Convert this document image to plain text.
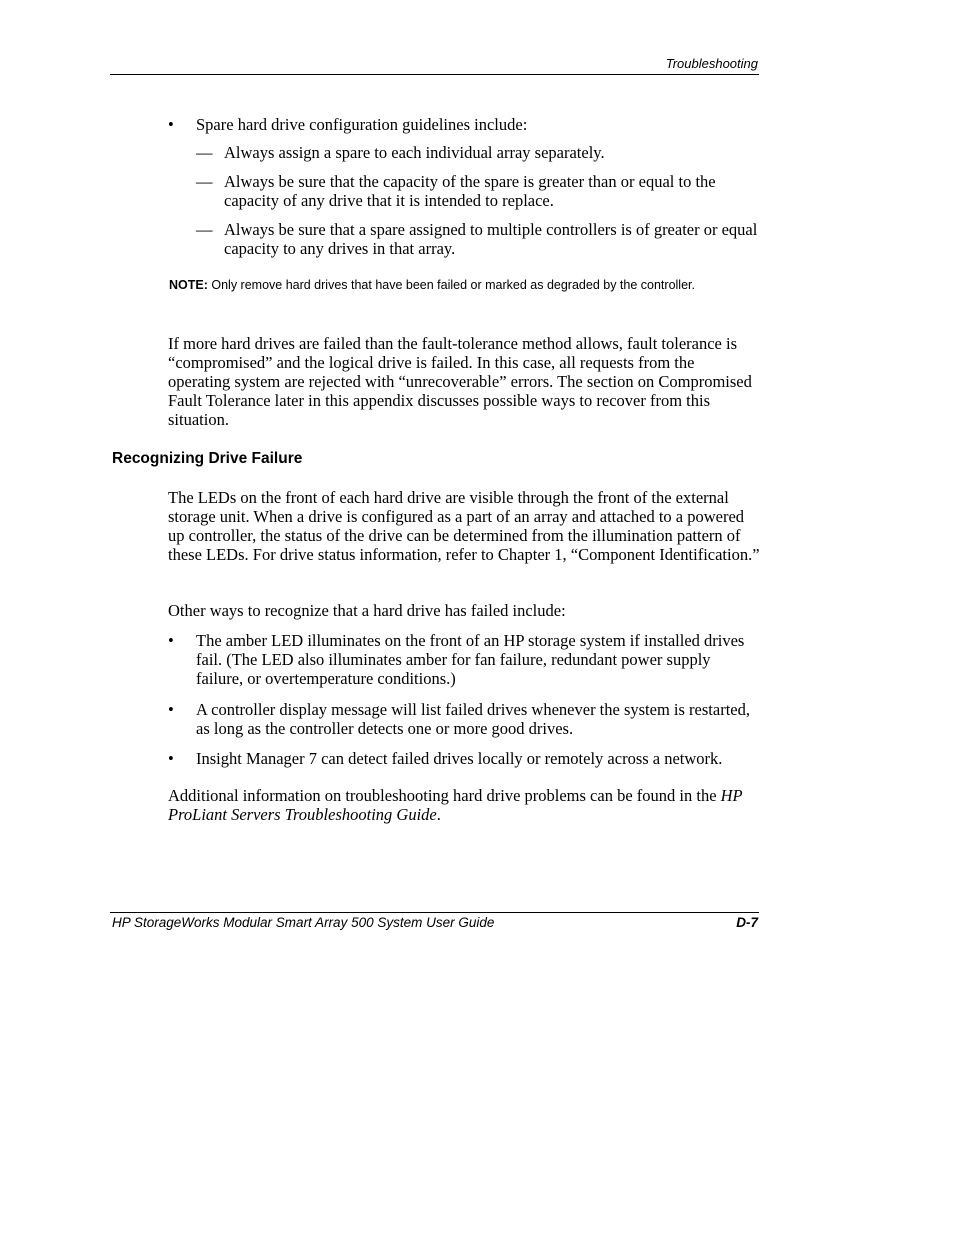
Troubleshooting
• Spare hard drive configuration guidelines include:
— Always assign a spare to each individual array separately.
— Always be sure that the capacity of the spare is greater than or equal to the capacity of any drive that it is intended to replace.
— Always be sure that a spare assigned to multiple controllers is of greater or equal capacity to any drives in that array.
NOTE: Only remove hard drives that have been failed or marked as degraded by the controller.
If more hard drives are failed than the fault-tolerance method allows, fault tolerance is “compromised” and the logical drive is failed. In this case, all requests from the operating system are rejected with “unrecoverable” errors. The section on Compromised Fault Tolerance later in this appendix discusses possible ways to recover from this situation.
Recognizing Drive Failure
The LEDs on the front of each hard drive are visible through the front of the external storage unit. When a drive is configured as a part of an array and attached to a powered up controller, the status of the drive can be determined from the illumination pattern of these LEDs. For drive status information, refer to Chapter 1, “Component Identification.”
Other ways to recognize that a hard drive has failed include:
• The amber LED illuminates on the front of an HP storage system if installed drives fail. (The LED also illuminates amber for fan failure, redundant power supply failure, or overtemperature conditions.)
• A controller display message will list failed drives whenever the system is restarted, as long as the controller detects one or more good drives.
• Insight Manager 7 can detect failed drives locally or remotely across a network.
Additional information on troubleshooting hard drive problems can be found in the HP ProLiant Servers Troubleshooting Guide.
HP StorageWorks Modular Smart Array 500 System User Guide	D-7
